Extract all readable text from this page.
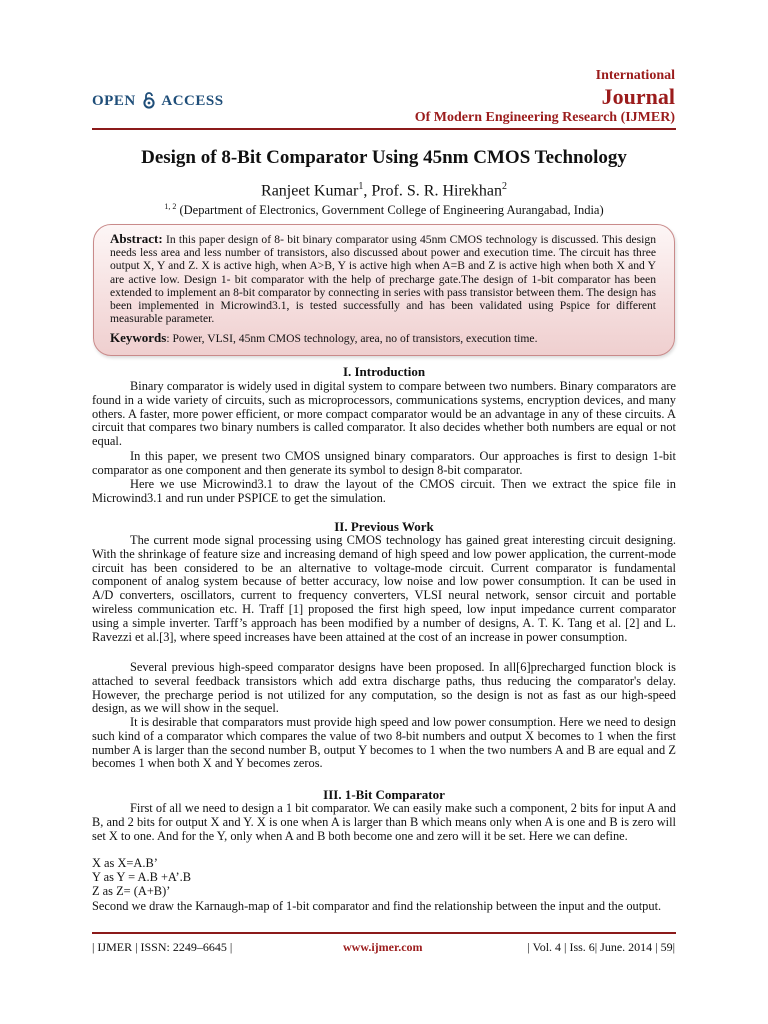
OPEN ACCESS
International
Journal
Of Modern Engineering Research (IJMER)
Design of 8-Bit Comparator Using 45nm CMOS Technology
Ranjeet Kumar$^1$, Prof. S. R. Hirekhan$^2$
$^{1, 2}$ (Department of Electronics, Government College of Engineering Aurangabad, India)
Abstract: In this paper design of 8- bit binary comparator using 45nm CMOS technology is discussed. This design needs less area and less number of transistors, also discussed about power and execution time. The circuit has three output X, Y and Z. X is active high, when A>B, Y is active high when A=B and Z is active high when both X and Y are active low. Design 1- bit comparator with the help of precharge gate.The design of 1-bit comparator has been extended to implement an 8-bit comparator by connecting in series with pass transistor between them. The design has been implemented in Microwind3.1, is tested successfully and has been validated using Pspice for different measurable parameter.
Keywords: Power, VLSI, 45nm CMOS technology, area, no of transistors, execution time.
I. Introduction

Binary comparator is widely used in digital system to compare between two numbers. Binary comparators are found in a wide variety of circuits, such as microprocessors, communications systems, encryption devices, and many others. A faster, more power efficient, or more compact comparator would be an advantage in any of these circuits. A circuit that compares two binary numbers is called comparator. It also decides whether both numbers are equal or not equal.

In this paper, we present two CMOS unsigned binary comparators. Our approaches is first to design 1-bit comparator as one component and then generate its symbol to design 8-bit comparator.

Here we use Microwind3.1 to draw the layout of the CMOS circuit. Then we extract the spice file in Microwind3.1 and run under PSPICE to get the simulation.

II. Previous Work

The current mode signal processing using CMOS technology has gained great interesting circuit designing. With the shrinkage of feature size and increasing demand of high speed and low power application, the current-mode circuit has been considered to be an alternative to voltage-mode circuit. Current comparator is fundamental component of analog system because of better accuracy, low noise and low power consumption. It can be used in A/D converters, oscillators, current to frequency converters, VLSI neural network, sensor circuit and portable wireless communication etc. H. Traff [1] proposed the first high speed, low input impedance current comparator using a simple inverter. Tarff’s approach has been modified by a number of designs, A. T. K. Tang et al. [2] and L. Ravezzi et al.[3], where speed increases have been attained at the cost of an increase in power consumption.

Several previous high-speed comparator designs have been proposed. In all[6]precharged function block is attached to several feedback transistors which add extra discharge paths, thus reducing the comparator's delay. However, the precharge period is not utilized for any computation, so the design is not as fast as our high-speed design, as we will show in the sequel.

It is desirable that comparators must provide high speed and low power consumption. Here we need to design such kind of a comparator which compares the value of two 8-bit numbers and output X becomes to 1 when the first number A is larger than the second number B, output Y becomes to 1 when the two numbers A and B are equal and Z becomes 1 when both X and Y becomes zeros.

III. 1-Bit Comparator

First of all we need to design a 1 bit comparator. We can easily make such a component, 2 bits for input A and B, and 2 bits for output X and Y. X is one when A is larger than B which means only when A is one and B is zero will set X to one. And for the Y, only when A and B both become one and zero will it be set. Here we can define.

X as X=A.B’
Y as Y = A.B +A’.B
Z as Z= (A+B)’

Second we draw the Karnaugh-map of 1-bit comparator and find the relationship between the input and the output.

| IJMER | ISSN: 2249–6645 |	www.ijmer.com	| Vol. 4 | Iss. 6| June. 2014 | 59|
